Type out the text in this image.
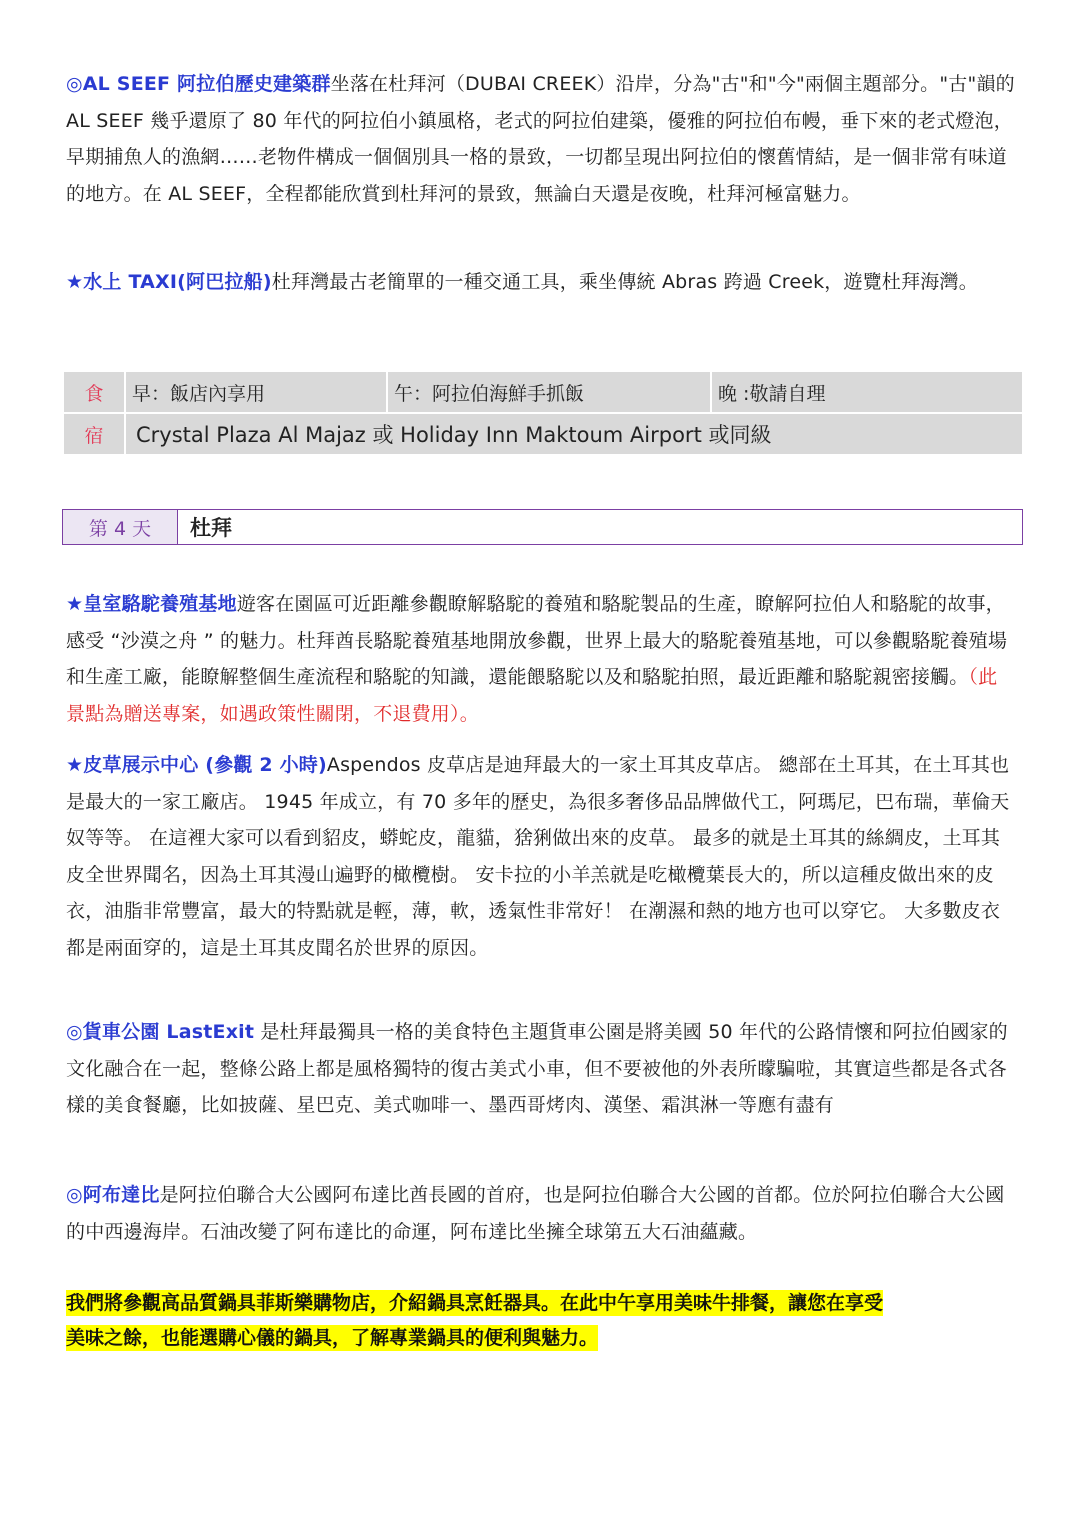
◎AL SEEF 阿拉伯歷史建築群坐落在杜拜河（DUBAI CREEK）沿岸，分為"古"和"今"兩個主題部分。"古"韻的 AL SEEF 幾乎還原了 80 年代的阿拉伯小鎮風格，老式的阿拉伯建築，優雅的阿拉伯布幔，垂下來的老式燈泡，早期捕魚人的漁網……老物件構成一個個別具一格的景致，一切都呈現出阿拉伯的懷舊情結，是一個非常有味道的地方。在 AL SEEF，全程都能欣賞到杜拜河的景致，無論白天還是夜晚，杜拜河極富魅力。
★水上 TAXI(阿巴拉船)杜拜灣最古老簡單的一種交通工具，乘坐傳統 Abras 跨過 Creek，遊覽杜拜海灣。
食	早：飯店內享用	午：阿拉伯海鮮手抓飯	晚 :敬請自理
宿	Crystal Plaza Al Majaz 或 Holiday Inn Maktoum Airport 或同級		
第 4 天	杜拜
★皇室駱駝養殖基地遊客在園區可近距離參觀瞭解駱駝的養殖和駱駝製品的生產，瞭解阿拉伯人和駱駝的故事，感受 “沙漠之舟 ” 的魅力。杜拜酋長駱駝養殖基地開放參觀，世界上最大的駱駝養殖基地，可以參觀駱駝養殖場和生產工廠，能瞭解整個生產流程和駱駝的知識，還能餵駱駝以及和駱駝拍照，最近距離和駱駝親密接觸。（此景點為贈送專案，如遇政策性關閉，不退費用）。
★皮草展示中心 (參觀 2 小時)Aspendos 皮草店是迪拜最大的一家土耳其皮草店。 總部在土耳其，在土耳其也是最大的一家工廠店。 1945 年成立，有 70 多年的歷史，為很多奢侈品品牌做代工，阿瑪尼，巴布瑞，華倫天奴等等。 在這裡大家可以看到貂皮，蟒蛇皮，龍貓，猞猁做出來的皮草。 最多的就是土耳其的絲綢皮，土耳其皮全世界聞名，因為土耳其漫山遍野的橄欖樹。 安卡拉的小羊羔就是吃橄欖葉長大的，所以這種皮做出來的皮衣，油脂非常豐富，最大的特點就是輕，薄，軟，透氣性非常好！ 在潮濕和熱的地方也可以穿它。 大多數皮衣都是兩面穿的，這是土耳其皮聞名於世界的原因。
◎貨車公園 LastExit 是杜拜最獨具一格的美食特色主題貨車公園是將美國 50 年代的公路情懷和阿拉伯國家的文化融合在一起，整條公路上都是風格獨特的復古美式小車，但不要被他的外表所矇騙啦，其實這些都是各式各樣的美食餐廳，比如披薩、星巴克、美式咖啡一、墨西哥烤肉、漢堡、霜淇淋一等應有盡有
◎阿布達比是阿拉伯聯合大公國阿布達比酋長國的首府，也是阿拉伯聯合大公國的首都。位於阿拉伯聯合大公國的中西邊海岸。石油改變了阿布達比的命運，阿布達比坐擁全球第五大石油蘊藏。
我們將參觀高品質鍋具菲斯樂購物店，介紹鍋具烹飪器具。在此中午享用美味牛排餐，讓您在享受
美味之餘，也能選購心儀的鍋具，了解專業鍋具的便利與魅力。
